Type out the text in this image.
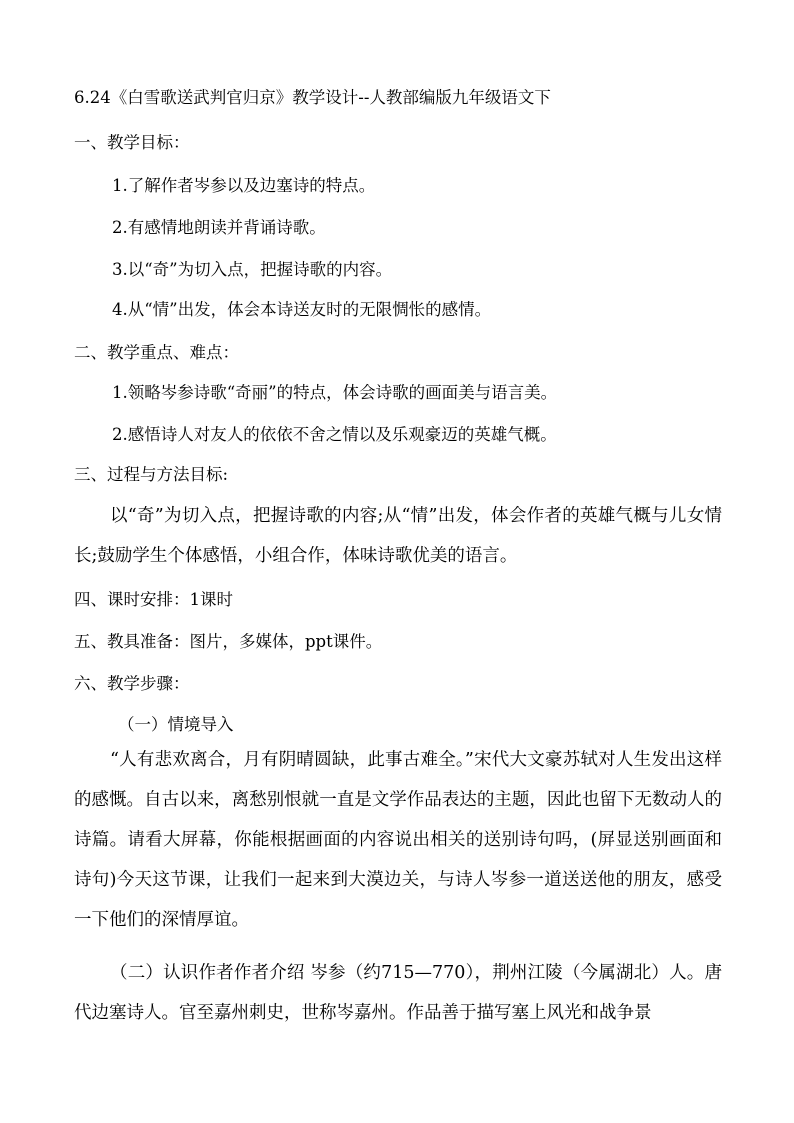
6.24《白雪歌送武判官归京》教学设计--人教部编版九年级语文下
一、教学目标：
1.了解作者岑参以及边塞诗的特点。
2.有感情地朗读并背诵诗歌。
3.以“奇”为切入点，把握诗歌的内容。
4.从“情”出发，体会本诗送友时的无限惆怅的感情。
二、教学重点、难点：
1.领略岑参诗歌“奇丽”的特点，体会诗歌的画面美与语言美。
2.感悟诗人对友人的依依不舍之情以及乐观豪迈的英雄气概。
三、过程与方法目标:
以“奇”为切入点，把握诗歌的内容;从“情”出发，体会作者的英雄气概与儿女情长;鼓励学生个体感悟，小组合作，体味诗歌优美的语言。
四、课时安排：1课时
五、教具准备：图片，多媒体，ppt课件。
六、教学步骤：
（一）情境导入
“人有悲欢离合，月有阴晴圆缺，此事古难全。”宋代大文豪苏轼对人生发出这样的感慨。自古以来，离愁别恨就一直是文学作品表达的主题，因此也留下无数动人的诗篇。请看大屏幕，你能根据画面的内容说出相关的送别诗句吗，(屏显送别画面和诗句)今天这节课，让我们一起来到大漠边关，与诗人岑参一道送送他的朋友，感受一下他们的深情厚谊。
（二）认识作者作者介绍 岑参（约715—770），荆州江陵（今属湖北）人。唐代边塞诗人。官至嘉州刺史，世称岑嘉州。作品善于描写塞上风光和战争景
